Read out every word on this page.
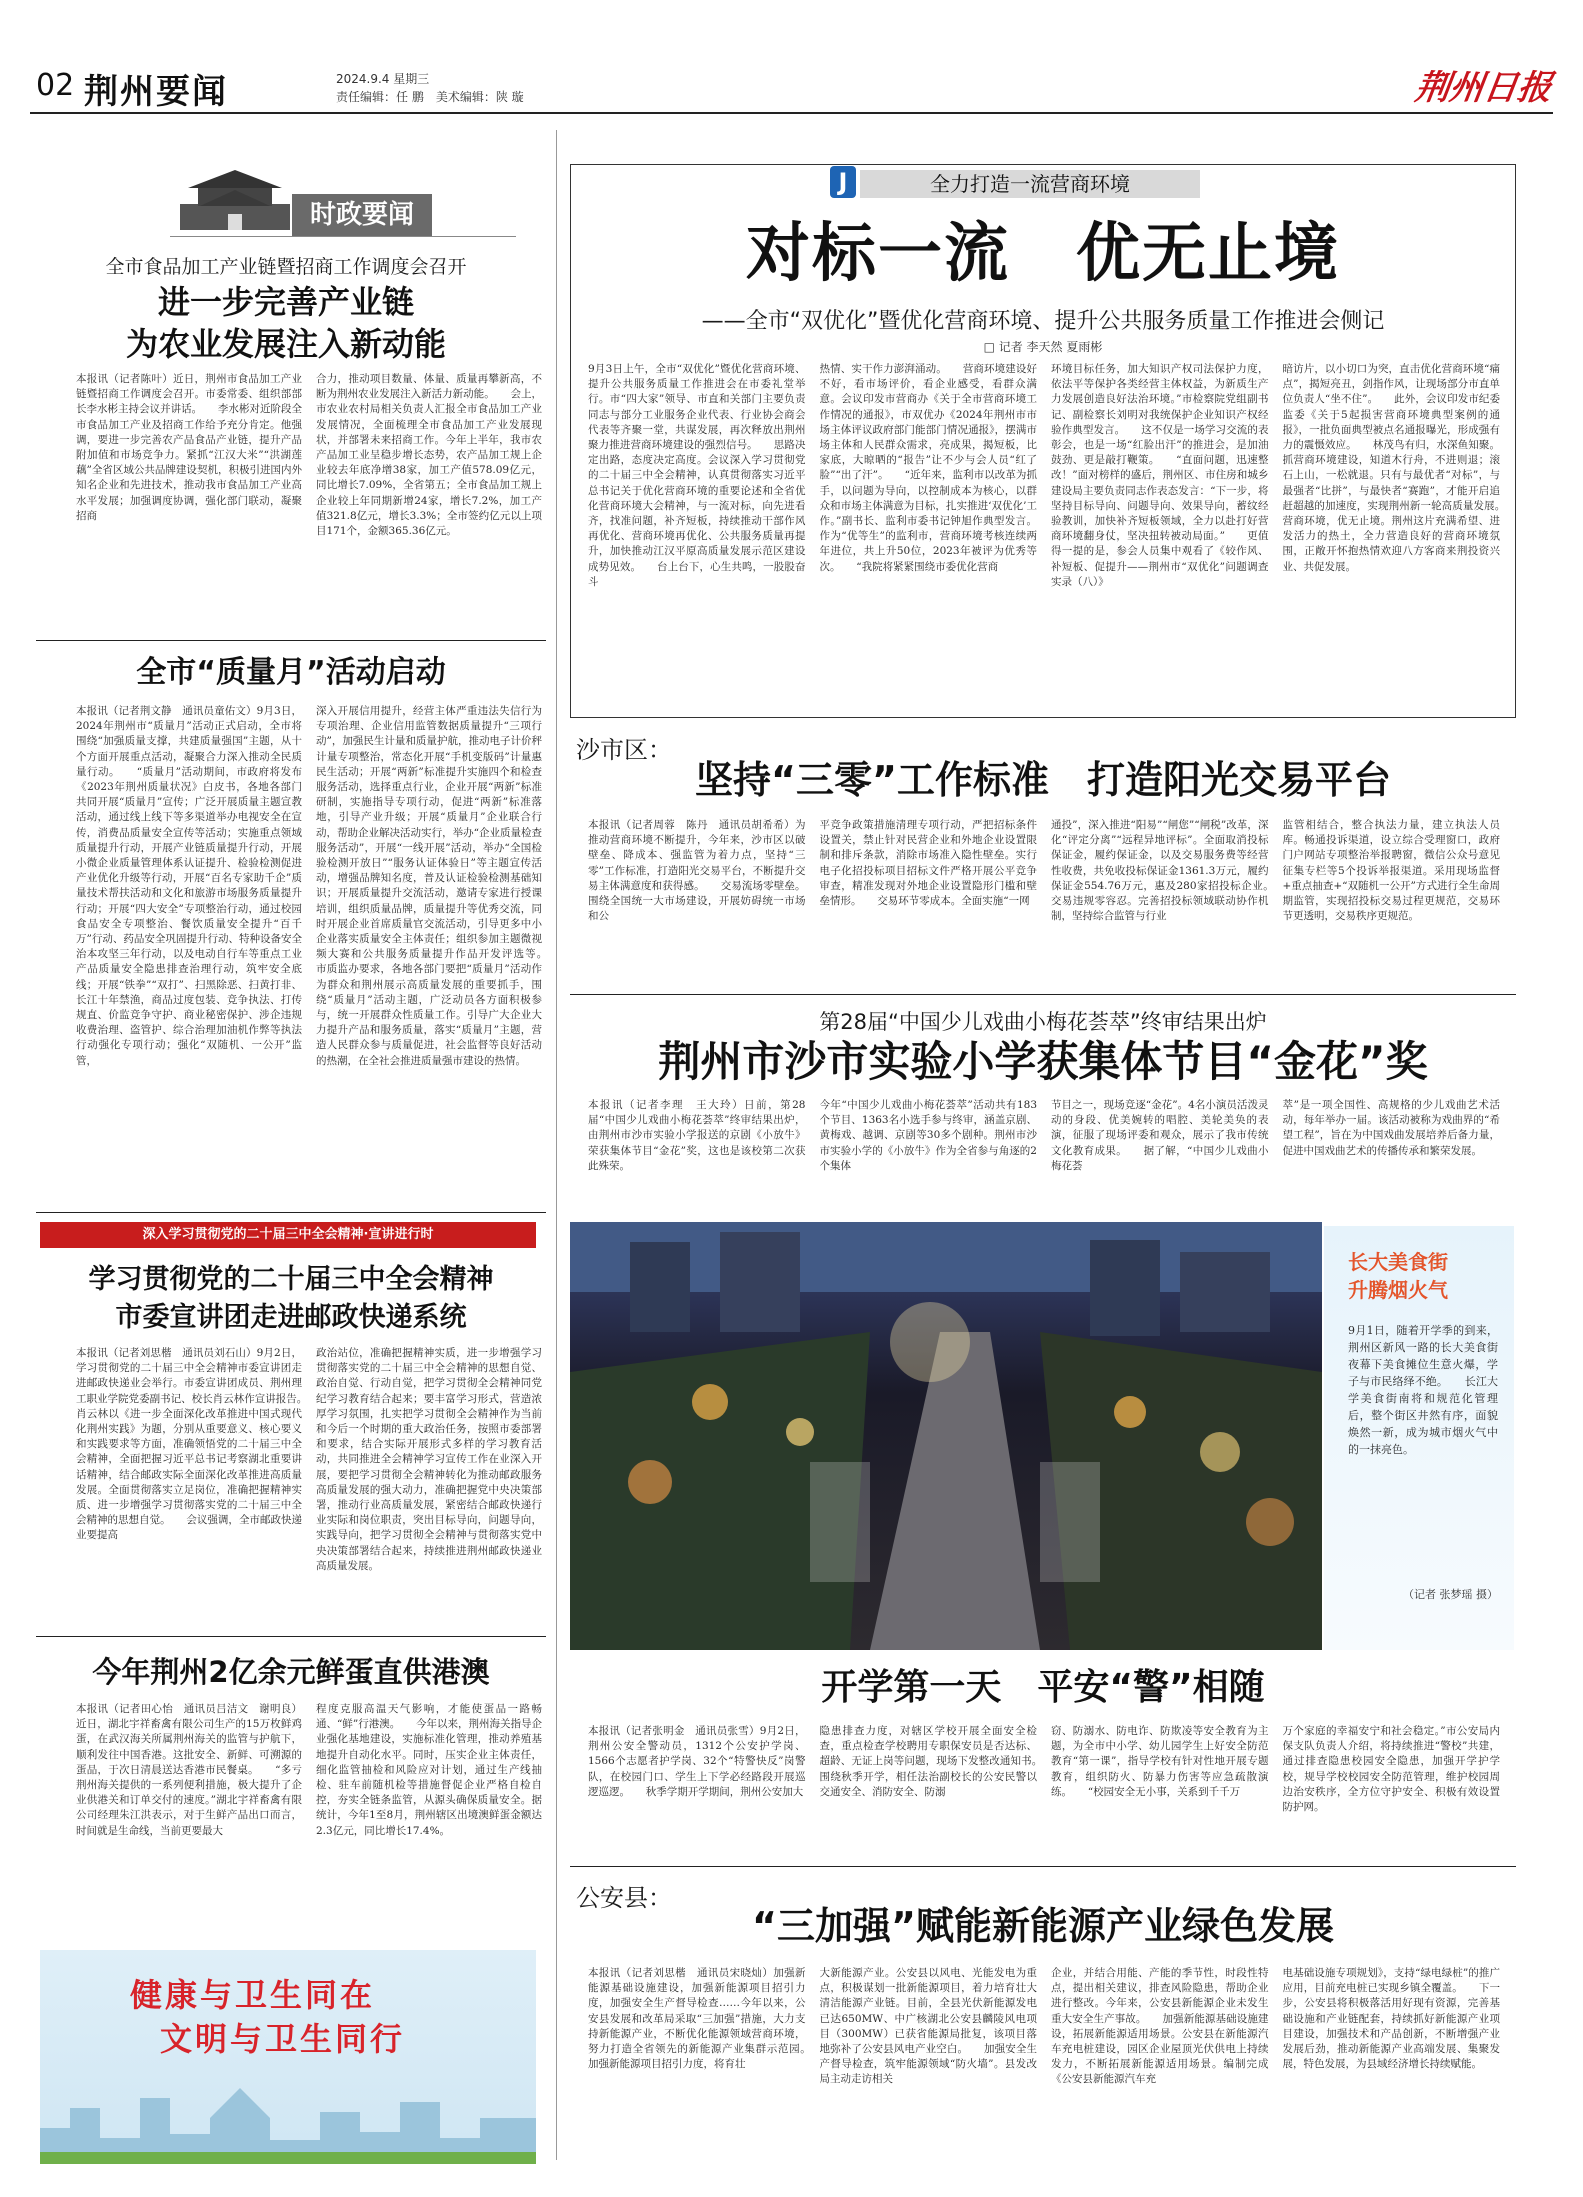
02 荆州要闻	2024.9.4 星期三
责任编辑：任 鹏　美术编辑：陕 璇	荆州日报
时政要闻
全市食品加工产业链暨招商工作调度会召开
进一步完善产业链
为农业发展注入新动能
本报讯（记者陈叶）近日，荆州市食品加工产业链暨招商工作调度会召开。市委常委、组织部部长李水彬主持会议并讲话。　　李水彬对近阶段全市食品加工产业及招商工作给予充分肯定。他强调，要进一步完善农产品食品产业链，提升产品附加值和市场竞争力。紧抓“江汉大米”“洪湖莲藕”全省区域公共品牌建设契机，积极引进国内外知名企业和先进技术，推动我市食品加工产业高水平发展；加强调度协调，强化部门联动，凝聚招商
合力，推动项目数量、体量、质量再攀新高，不断为荆州农业发展注入新活力新动能。　　会上，市农业农村局相关负责人汇报全市食品加工产业发展情况，全面梳理全市食品加工产业发展现状，并部署未来招商工作。今年上半年，我市农产品加工业呈稳步增长态势，农产品加工规上企业较去年底净增38家，加工产值578.09亿元，同比增长7.09%，全省第五；全市食品加工规上企业较上年同期新增24家，增长7.2%，加工产值321.8亿元，增长3.3%；全市签约亿元以上项目171个，金额365.36亿元。
全市“质量月”活动启动
本报讯（记者荆文静　通讯员童佑文）9月3日，2024年荆州市“质量月”活动正式启动，全市将围绕“加强质量支撑，共建质量强国”主题，从十个方面开展重点活动，凝聚合力深入推动全民质量行动。　　“质量月”活动期间，市政府将发布《2023年荆州质量状况》白皮书，各地各部门共同开展“质量月”宣传；广泛开展质量主题宣教活动，通过线上线下等多渠道举办电视安全在宣传，消费品质量安全宣传等活动；实施重点领域质量提升行动，开展产业链质量提升行动，开展小微企业质量管理体系认证提升、检验检测促进产业优化升级等行动，开展“百名专家助千企”质量技术帮扶活动和文化和旅游市场服务质量提升行动；开展“四大安全”专项整治行动，通过校园食品安全专项整治、餐饮质量安全提升“百千万”行动、药品安全巩固提升行动、特种设备安全治本攻坚三年行动，以及电动自行车等重点工业产品质量安全隐患排查治理行动，筑牢安全底线；开展“铁拳”“双打”、扫黑除恶、扫黄打非、长江十年禁渔，商品过度包装、竞争执法、打传规直、价监竞争守护、商业秘密保护、涉企违规收费治理、盗管护、综合治理加油机作弊等执法行动强化专项行动；强化“双随机、一公开”监管，
深入开展信用提升，经营主体严重违法失信行为专项治理、企业信用监管数据质量提升“三项行动”，加强民生计量和质量护航，推动电子计价秤计量专项整治，常态化开展“手机变版码”计量惠民生活动；开展“两新”标准提升实施四个和检查服务活动，选择重点行业，企业开展“两新”标准研制，实施指导专项行动，促进“两新”标准落地，引导产业升级；开展“质量月”企业联合行动，帮助企业解决活动实行，举办“企业质量检查服务活动”，开展“一线开展”活动，举办“全国检验检测开放日”“服务认证体验日”等主题宣传活动，增强品牌知名度，普及认证检验检测基础知识；开展质量提升交流活动，邀请专家进行授课培训，组织质量品牌，质量提升等优秀交流，同时开展企业首席质量官交流活动，引导更多中小企业落实质量安全主体责任；组织参加主题微视频大赛和公共服务质量提升作品开发评选等。　　市质监办要求，各地各部门要把“质量月”活动作为群众和荆州展示高质量发展的重要抓手，围绕“质量月”活动主题，广泛动员各方面积极参与，统一开展群众性质量工作。引导广大企业大力提升产品和服务质量，落实“质量月”主题，营造人民群众参与质量促进，社会监督等良好活动的热潮，在全社会推进质量强市建设的热情。
深入学习贯彻党的二十届三中全会精神·宣讲进行时
学习贯彻党的二十届三中全会精神
市委宣讲团走进邮政快递系统
本报讯（记者刘思楷　通讯员刘石山）9月2日，学习贯彻党的二十届三中全会精神市委宣讲团走进邮政快递业会举行。市委宣讲团成员、荆州理工职业学院党委副书记、校长肖云林作宣讲报告。　　肖云林以《进一步全面深化改革推进中国式现代化荆州实践》为题，分别从重要意义、核心要义和实践要求等方面，准确领悟党的二十届三中全会精神，全面把握习近平总书记考察湖北重要讲话精神，结合邮政实际全面深化改革推进高质量发展。全面贯彻落实立足岗位，准确把握精神实质、进一步增强学习贯彻落实党的二十届三中全会精神的思想自觉。　　会议强调，全市邮政快递业要提高
政治站位，准确把握精神实质，进一步增强学习贯彻落实党的二十届三中全会精神的思想自觉、政治自觉、行动自觉，把学习贯彻全会精神同党纪学习教育结合起来；要丰富学习形式，营造浓厚学习氛围，扎实把学习贯彻全会精神作为当前和今后一个时期的重大政治任务，按照市委部署和要求，结合实际开展形式多样的学习教育活动，共同推进全会精神学习宣传工作在业深入开展，要把学习贯彻全会精神转化为推动邮政服务高质量发展的强大动力，准确把握党中央决策部署，推动行业高质量发展，紧密结合邮政快递行业实际和岗位职责，突出目标导向，问题导向，实践导向，把学习贯彻全会精神与贯彻落实党中央决策部署结合起来，持续推进荆州邮政快递业高质量发展。
今年荆州2亿余元鲜蛋直供港澳
本报讯（记者田心怡　通讯员吕洁文　谢明良）近日，湖北宇祥畜禽有限公司生产的15万枚鲜鸡蛋，在武汉海关所属荆州海关的监管与护航下，顺利发往中国香港。这批安全、新鲜、可溯源的蛋品，于次日清晨送达香港市民餐桌。　　“多亏荆州海关提供的一系列便利措施，极大提升了企业供港关和订单交付的速度。”湖北宇祥畜禽有限公司经理朱江洪表示，对于生鲜产品出口而言，时间就是生命线，当前更要最大
程度克服高温天气影响，才能使蛋品一路畅通、“鲜”行港澳。　　今年以来，荆州海关指导企业强化基地建设，实施标准化管理，推动养殖基地提升自动化水平。同时，压实企业主体责任，细化监管抽检和风险应对计划，通过生产线抽检、驻车前随机检等措施督促企业严格自检自控，夯实全链条监管，从源头确保质量安全。据统计，今年1至8月，荆州辖区出境澳鲜蛋金额达2.3亿元，同比增长17.4%。
健康与卫生同在
文明与卫生同行
J	全力打造一流营商环境
对标一流　优无止境
——全市“双优化”暨优化营商环境、提升公共服务质量工作推进会侧记
□ 记者 李天然 夏雨彬
9月3日上午，全市“双优化”暨优化营商环境、提升公共服务质量工作推进会在市委礼堂举行。市“四大家”领导、市直和关部门主要负责同志与部分工业服务企业代表、行业协会商会代表等齐聚一堂，共谋发展，再次释放出荆州聚力推进营商环境建设的强烈信号。　　思路决定出路，态度决定高度。会议深入学习贯彻党的二十届三中全会精神，认真贯彻落实习近平总书记关于优化营商环境的重要论述和全省优化营商环境大会精神，与一流对标，向先进看齐，找准问题，补齐短板，持续推动干部作风再优化、营商环境再优化、公共服务质量再提升，加快推动江汉平原高质量发展示范区建设成势见效。　　台上台下，心生共鸣，一股股奋斗
热情、实干作力澎湃涌动。　　营商环境建设好不好，看市场评价，看企业感受，看群众满意。会议印发市营商办《关于全市营商环境工作情况的通报》，市双优办《2024年荆州市市场主体评议政府部门能部门情况通报》，摆满市场主体和人民群众需求，亮成果，揭短板，比家底，大晾晒的“报告”让不少与会人员“红了脸”“出了汗”。　　“近年来，监利市以改革为抓手，以问题为导向，以控制成本为核心，以群众和市场主体满意为目标，扎实推进‘双优化’工作。”副书长、监利市委书记钟旭作典型发言。作为“优等生”的监利市，营商环境考核连续两年进位，共上升50位，2023年被评为优秀等次。　　“我院将紧紧围绕市委优化营商
环境目标任务，加大知识产权司法保护力度，依法平等保护各类经营主体权益，为新质生产力发展创造良好法治环境。”市检察院党组副书记、副检察长刘明对我统保护企业知识产权经验作典型发言。　　这不仅是一场学习交流的表彰会，也是一场“红脸出汗”的推进会，是加油鼓劲、更是敲打鞭策。　　“直面问题，迅速整改！”面对榜样的盛后，荆州区、市住房和城乡建设局主要负责同志作表态发言：“下一步，将坚持目标导向、问题导向、效果导向，蓄纹经验教训，加快补齐短板领域，全力以赴打好营商环境翻身仗，坚决扭转被动局面。”　　更值得一提的是，参会人员集中观看了《较作风、补短板、促提升——荆州市“双优化”问题调查实录（八）》
暗访片，以小切口为突，直击优化营商环境“痛点”，揭短亮丑，剑指作风，让现场部分市直单位负责人“坐不住”。　　此外，会议印发市纪委监委《关于5起损害营商环境典型案例的通报》，一批负面典型被点名通报曝光，形成强有力的震慑效应。　　林茂鸟有归，水深鱼知聚。抓营商环境建设，知道木行舟，不进则退；滚石上山，一松就退。只有与最优者“对标”，与最强者“比拼”，与最快者“赛跑”，才能开启追赶超越的加速度，实现荆州新一轮高质量发展。　　营商环境，优无止境。荆州这片充满希望、进发活力的热土，全力营造良好的营商环境氛围，正敞开怀抱热情欢迎八方客商来荆投资兴业、共促发展。
沙市区：
坚持“三零”工作标准　打造阳光交易平台
本报讯（记者周蓉　陈丹　通讯员胡希希）为推动营商环境不断提升，今年来，沙市区以破壁垒、降成本、强监管为着力点，坚持“三零”工作标准，打造阳光交易平台，不断提升交易主体满意度和获得感。　　交易流场零壁垒。围绕全国统一大市场建设，开展妨碍统一市场和公
平竞争政策措施清理专项行动，严把招标条件设置关，禁止针对民营企业和外地企业设置限制和排斥条款，消除市场准入隐性壁垒。实行电子化招投标项目招标文件严格开展公平竞争审查，精准发现对外地企业设置隐形门槛和壁垒情形。　　交易环节零成本。全面实施“一网
通投”，深入推进“阳易”“闸您”“闸税”改革，深化“评定分离”“远程异地评标”。全面取消投标保证金，履约保证金，以及交易服务费等经营性收费，共免收投标保证金1361.3万元，履约保证金554.76万元，惠及280家招投标企业。　　交易违规零容忍。完善招投标领域联动协作机制，坚持综合监管与行业
监管相结合，整合执法力量，建立执法人员库。畅通投诉渠道，设立综合受理窗口，政府门户网站专项整治举报聘窗，微信公众号意见征集专栏等5个投诉举报渠道。采用现场监督+重点抽查+“双随机一公开”方式进行全生命周期监管，实现招投标交易过程更规范，交易环节更透明，交易秩序更规范。
第28届“中国少儿戏曲小梅花荟萃”终审结果出炉
荆州市沙市实验小学获集体节目“金花”奖
本报讯（记者李理　王大玲）日前，第28届“中国少儿戏曲小梅花荟萃”终审结果出炉，由荆州市沙市实验小学报送的京剧《小放牛》荣获集体节目“金花”奖，这也是该校第二次获此殊荣。
今年“中国少儿戏曲小梅花荟萃”活动共有183个节目、1363名小选手参与终审，涵盖京剧、黄梅戏、越调、京剧等30多个剧种。荆州市沙市实验小学的《小放牛》作为全省参与角逐的2个集体
节目之一，现场竞逐“金花”。4名小演员活泼灵动的身段、优美婉转的唱腔、美轮美奂的表演，征服了现场评委和观众，展示了我市传统文化教育成果。　　据了解，“中国少儿戏曲小梅花荟
萃”是一项全国性、高规格的少儿戏曲艺术活动，每年举办一届。该活动被称为戏曲界的“希望工程”，旨在为中国戏曲发展培养后备力量，促进中国戏曲艺术的传播传承和繁荣发展。
长大美食街
升腾烟火气
9月1日，随着开学季的到来，荆州区新风一路的长大美食街夜幕下美食摊位生意火爆，学子与市民络绎不绝。　　长江大学美食街南将和规范化管理后，整个街区井然有序，面貌焕然一新，成为城市烟火气中的一抹亮色。
（记者 张梦瑶 摄）
开学第一天　平安“警”相随
本报讯（记者张明金　通讯员张雪）9月2日，荆州公安全警动员，1312个公安护学岗、1566个志愿者护学岗、32个“特警快反”岗警队，在校园门口、学生上下学必经路段开展巡逻巡逻。　　秋季学期开学期间，荆州公安加大
隐患排查力度，对辖区学校开展全面安全检查，重点检查学校聘用专职保安员是否达标、超龄、无证上岗等问题，现场下发整改通知书。　　围绕秋季开学，相任法治副校长的公安民警以交通安全、消防安全、防溺
窃、防溺水、防电诈、防欺凌等安全教育为主题，为全市中小学、幼儿园学生上好安全防范教育“第一课”，指导学校有针对性地开展专题教育，组织防火、防暴力伤害等应急疏散演练。　　“校园安全无小事，关系到千千万
万个家庭的幸福安宁和社会稳定。”市公安局内保支队负责人介绍，将持续推进“警校”共建，通过排查隐患校园安全隐患，加强开学护学校，规导学校校园安全防范管理，维护校园周边治安秩序，全方位守护安全、积极有效设置防护网。
公安县：
“三加强”赋能新能源产业绿色发展
本报讯（记者刘思楷　通讯员宋晓灿）加强新能源基础设施建设，加强新能源项目招引力度，加强安全生产督导检查……今年以来，公安县发展和改革局采取“三加强”措施，大力支持新能源产业，不断优化能源领域营商环境，努力打造全省领先的新能源产业集群示范园。　　加强新能源项目招引力度，将育壮
大新能源产业。公安县以风电、光能发电为重点，积极谋划一批新能源项目，着力培育壮大清洁能源产业链。目前，全县光伏新能源发电已达650MW、中广核湖北公安县麟陵风电项目（300MW）已获省能源局批复，该项目落地弥补了公安县风电产业空白。　　加强安全生产督导检查，筑牢能源领域“防火墙”。县发改局主动走访相关
企业，并结合用能、产能的季节性，时段性特点，提出相关建议，排查风险隐患，帮助企业进行整改。今年来，公安县新能源企业未发生重大安全生产事故。　　加强新能源基础设施建设，拓展新能源适用场景。公安县在新能源汽车充电桩建设，园区企业屋顶光伏供电上持续发力，不断拓展新能源适用场景。编制完成《公安县新能源汽车充
电基础设施专项规划》，支持“绿电绿桩”的推广应用，目前充电桩已实现乡镇全覆盖。　　下一步，公安县将积极落活用好现有资源，完善基础设施和产业链配套，持续抓好新能源产业项目建设，加强技术和产品创新，不断增强产业发展后劲，推动新能源产业高端发展、集聚发展，特色发展，为县域经济增长持续赋能。
